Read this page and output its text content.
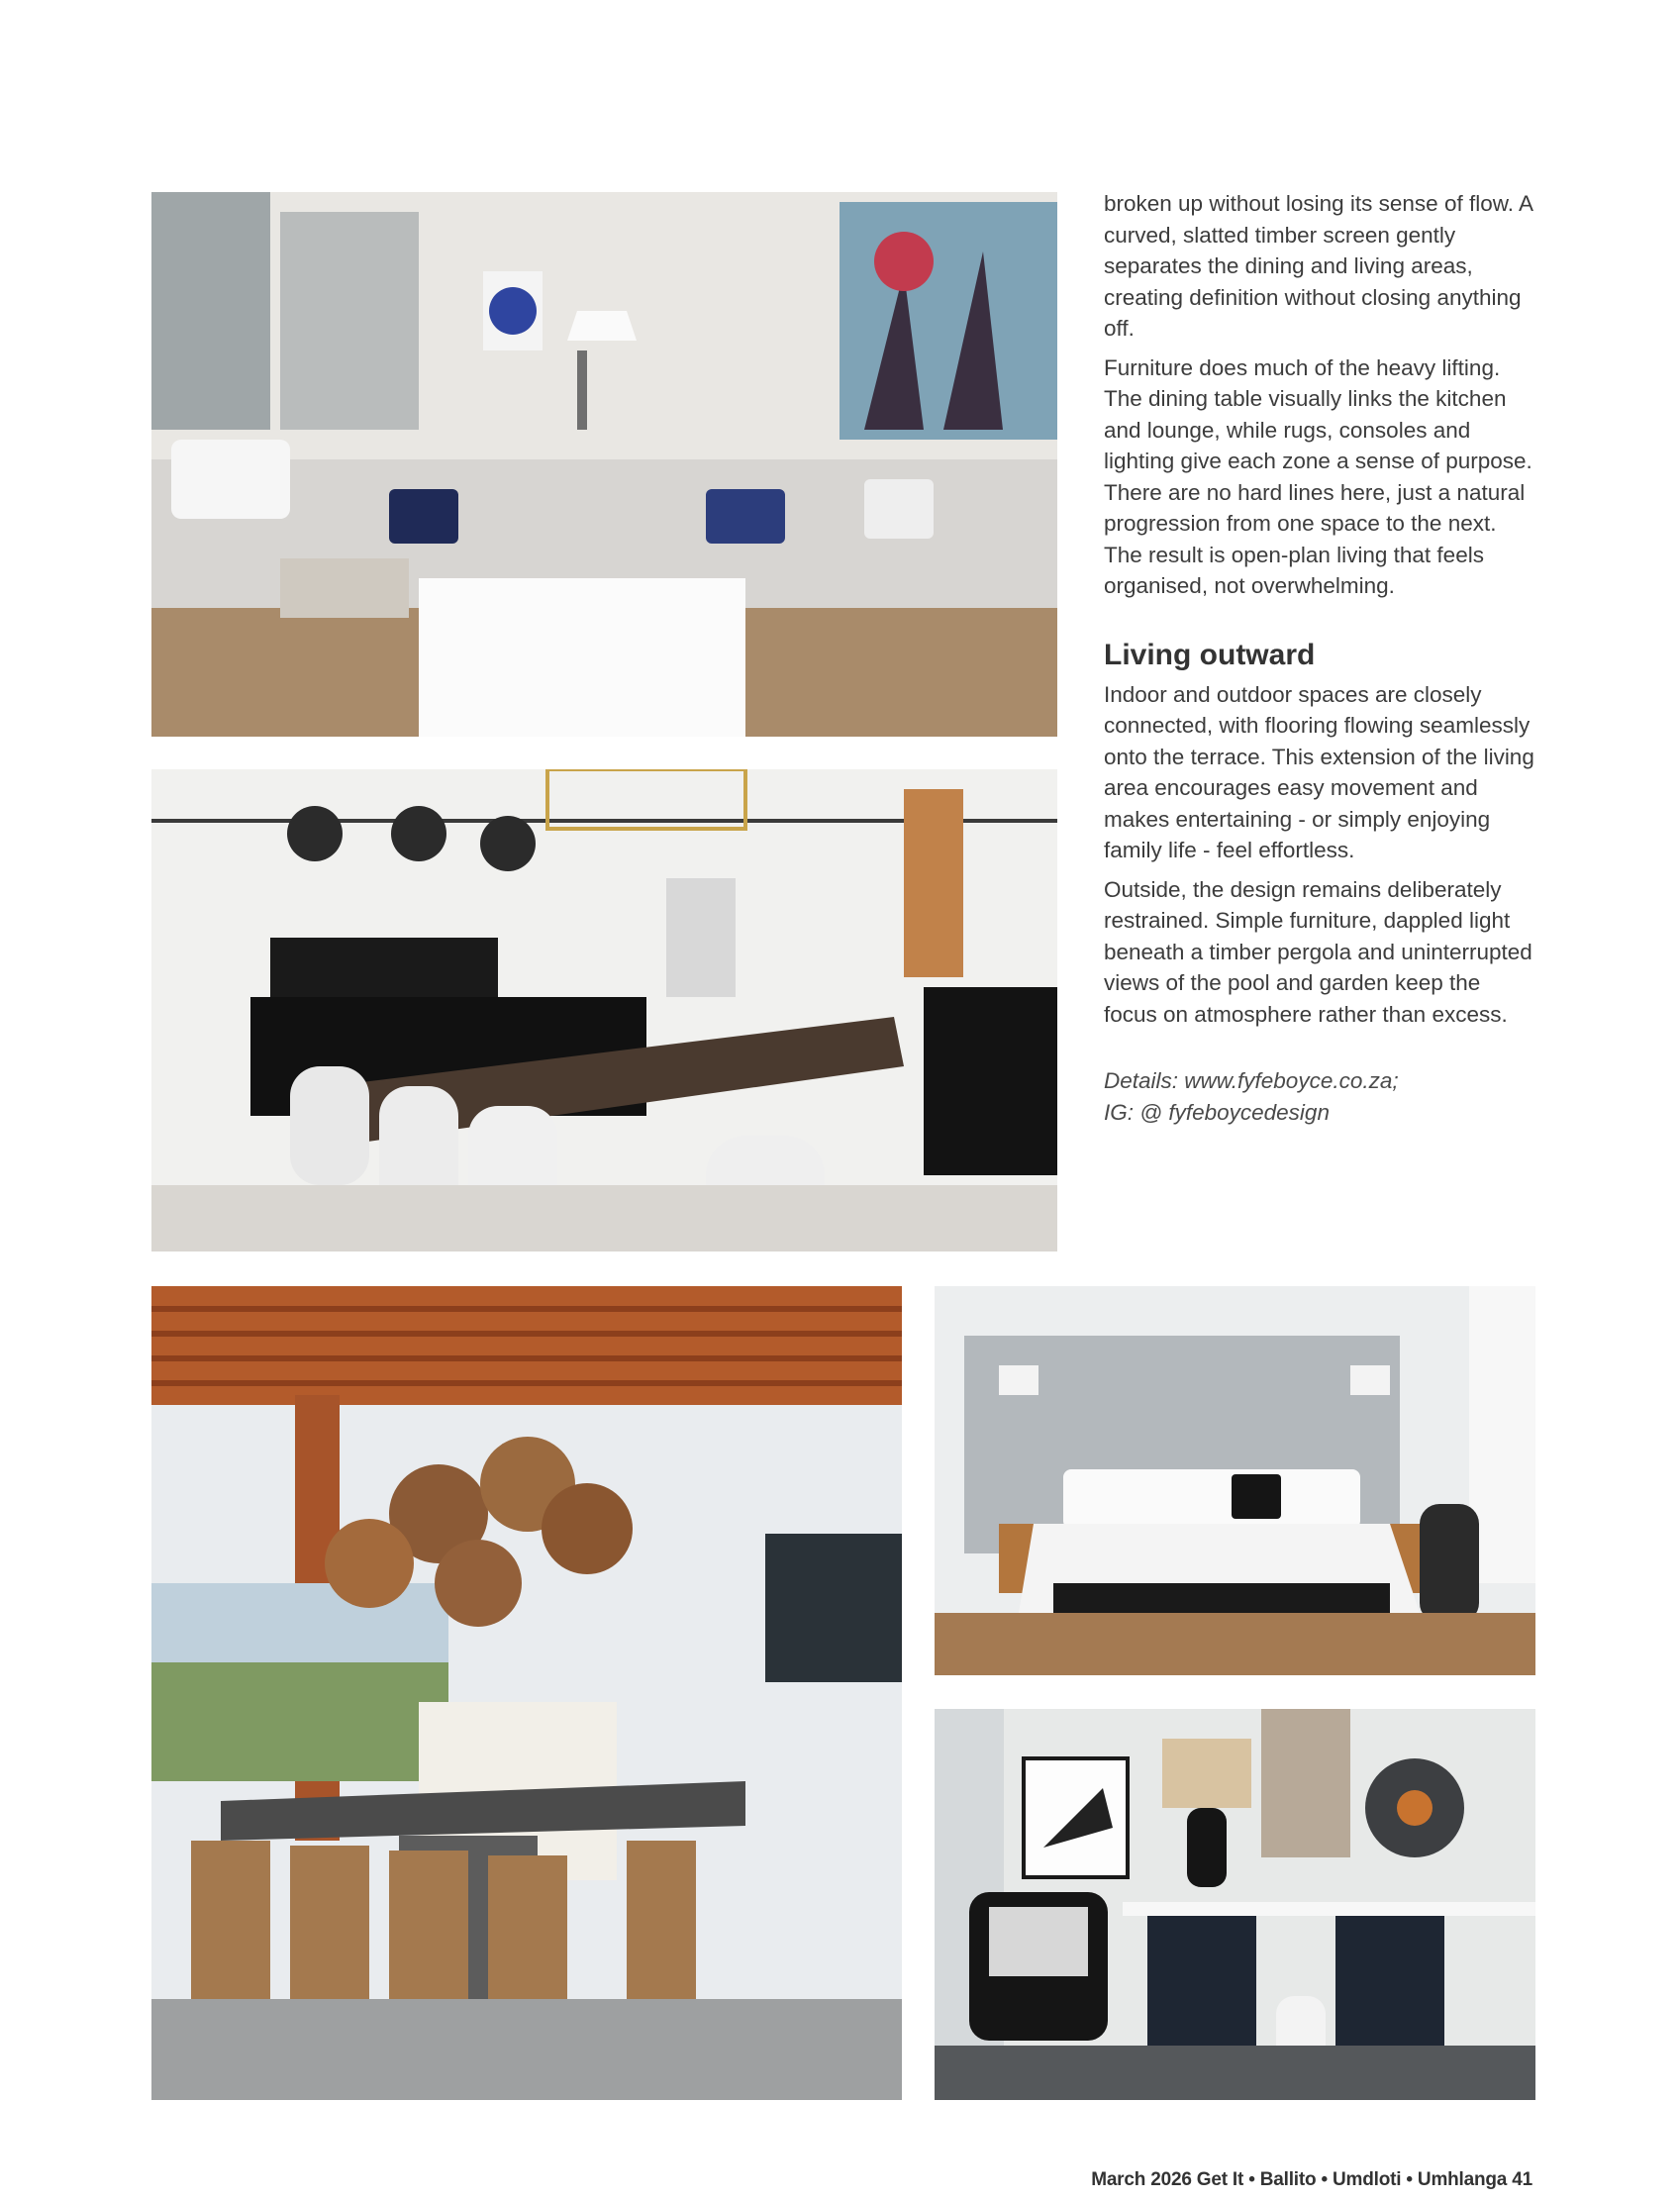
broken up without losing its sense of flow. A curved, slatted timber screen gently separates the dining and living areas, creating definition without closing anything off.

Furniture does much of the heavy lifting. The dining table visually links the kitchen and lounge, while rugs, consoles and lighting give each zone a sense of purpose. There are no hard lines here, just a natural progression from one space to the next. The result is open-plan living that feels organised, not overwhelming.

Living outward

Indoor and outdoor spaces are closely connected, with flooring flowing seamlessly onto the terrace. This extension of the living area encourages easy movement and makes entertaining - or simply enjoying family life - feel effortless.

Outside, the design remains deliberately restrained. Simple furniture, dappled light beneath a timber pergola and uninterrupted views of the pool and garden keep the focus on atmosphere rather than excess.

Details: www.fyfeboyce.co.za;
IG: @ fyfeboycedesign
March 2026 Get It • Ballito • Umdloti • Umhlanga 41
